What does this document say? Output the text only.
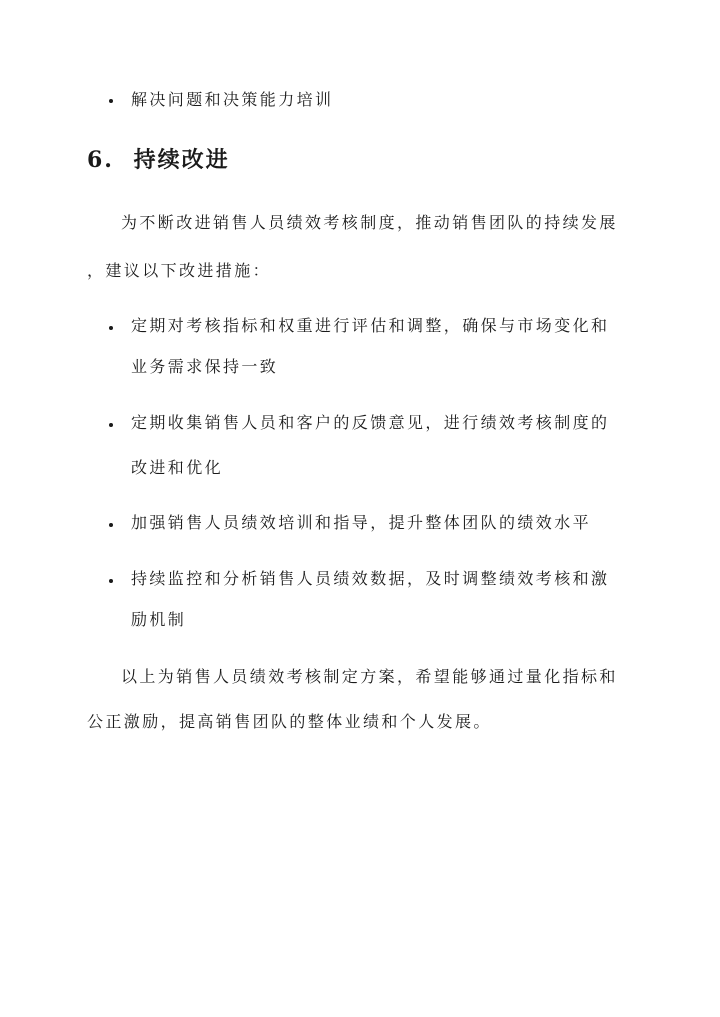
解决问题和决策能力培训
6. 持续改进
为不断改进销售人员绩效考核制度，推动销售团队的持续发展
，建议以下改进措施：
定期对考核指标和权重进行评估和调整，确保与市场变化和
业务需求保持一致
定期收集销售人员和客户的反馈意见，进行绩效考核制度的
改进和优化
加强销售人员绩效培训和指导，提升整体团队的绩效水平
持续监控和分析销售人员绩效数据，及时调整绩效考核和激
励机制
以上为销售人员绩效考核制定方案，希望能够通过量化指标和
公正激励，提高销售团队的整体业绩和个人发展。
